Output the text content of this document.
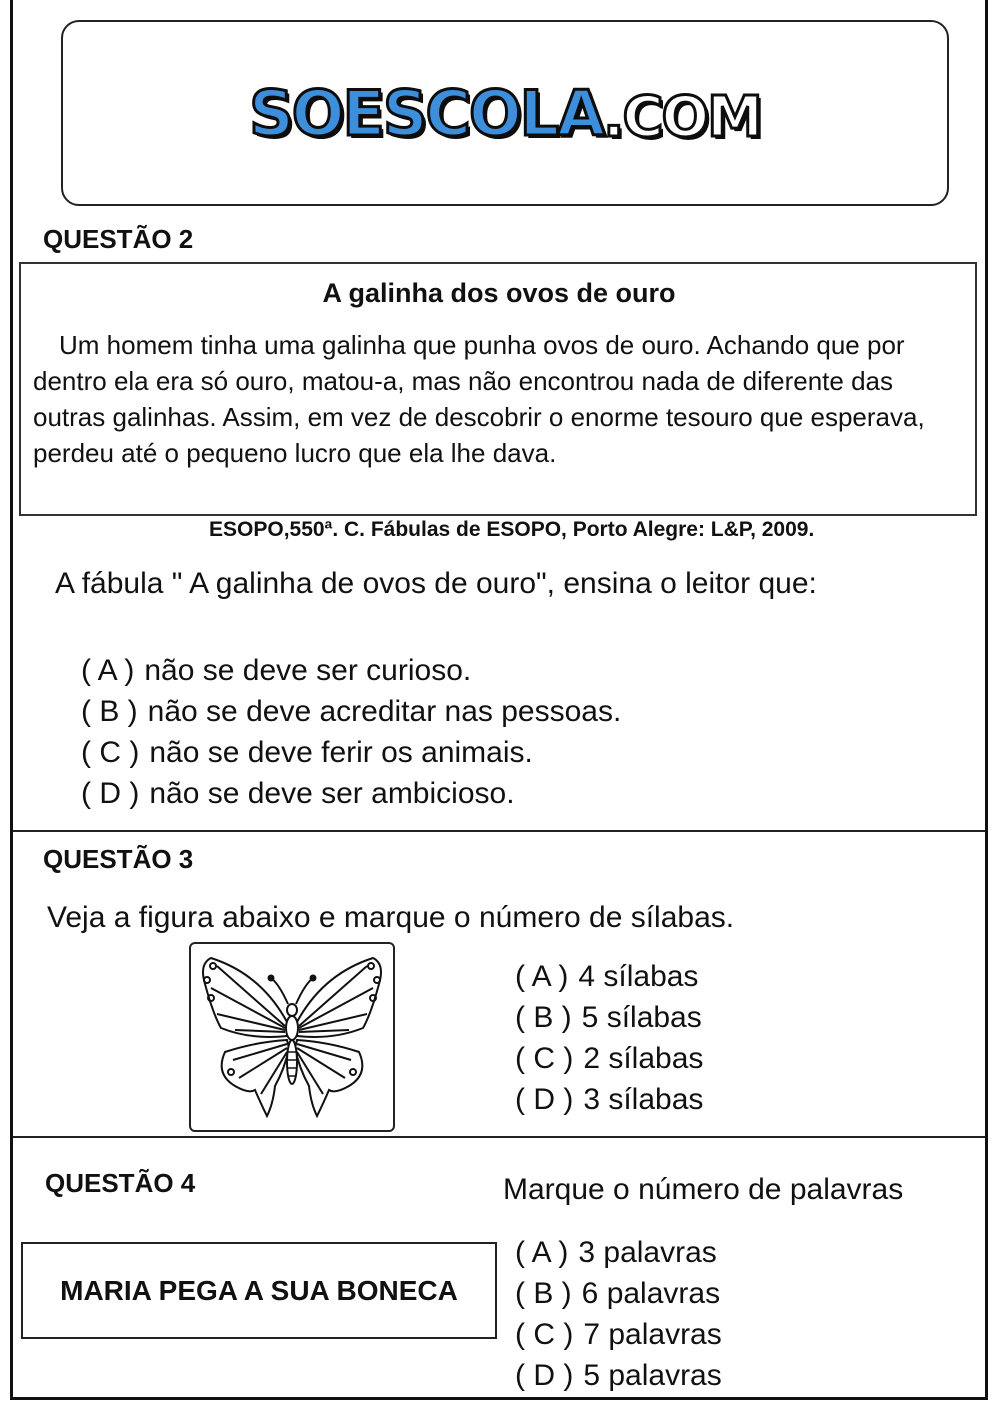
SOESCOLA .COM
QUESTÃO 2

A galinha dos ovos de ouro

Um homem tinha uma galinha que punha ovos de ouro. Achando que por dentro ela era só ouro, matou-a, mas não encontrou nada de diferente das outras galinhas. Assim, em vez de descobrir o enorme tesouro que esperava, perdeu até o pequeno lucro que ela lhe dava.

ESOPO,550ª. C. Fábulas de ESOPO, Porto Alegre: L&P, 2009.

A fábula " A galinha de ovos de ouro", ensina o leitor que:

( A ) não se deve ser curioso.
( B ) não se deve acreditar nas pessoas.
( C ) não se deve ferir os animais.
( D ) não se deve ser ambicioso.
QUESTÃO 3

Veja a figura abaixo e marque o número de sílabas.

( A ) 4 sílabas
( B ) 5 sílabas
( C ) 2 sílabas
( D ) 3 sílabas
QUESTÃO 4	Marque o número de palavras

MARIA PEGA A SUA BONECA
( A ) 3 palavras
( B ) 6 palavras
( C ) 7 palavras
( D ) 5 palavras
